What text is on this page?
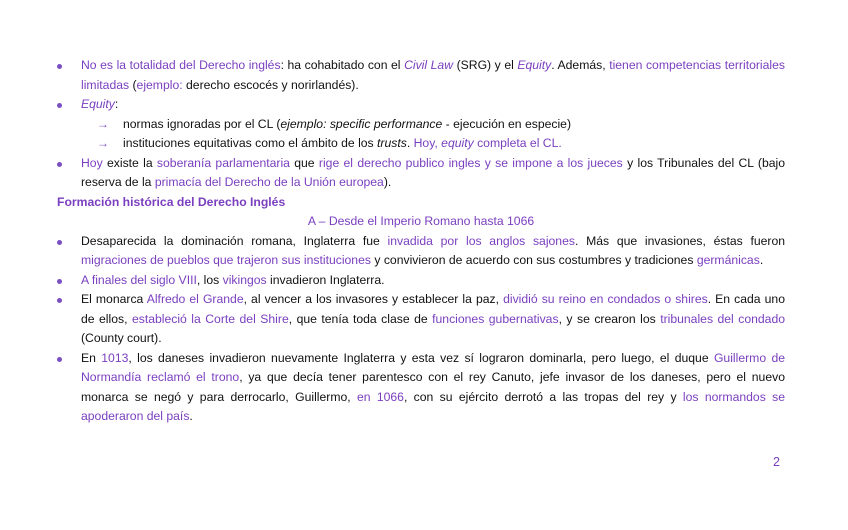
No es la totalidad del Derecho inglés: ha cohabitado con el Civil Law (SRG) y el Equity. Además, tienen competencias territoriales limitadas (ejemplo: derecho escocés y norirlandés).
Equity:
→ normas ignoradas por el CL (ejemplo: specific performance - ejecución en especie)
→ instituciones equitativas como el ámbito de los trusts. Hoy, equity completa el CL.
Hoy existe la soberanía parlamentaria que rige el derecho publico ingles y se impone a los jueces y los Tribunales del CL (bajo reserva de la primacía del Derecho de la Unión europea).
Formación histórica del Derecho Inglés
A – Desde el Imperio Romano hasta 1066
Desaparecida la dominación romana, Inglaterra fue invadida por los anglos sajones. Más que invasiones, éstas fueron migraciones de pueblos que trajeron sus instituciones y convivieron de acuerdo con sus costumbres y tradiciones germánicas.
A finales del siglo VIII, los vikingos invadieron Inglaterra.
El monarca Alfredo el Grande, al vencer a los invasores y establecer la paz, dividió su reino en condados o shires. En cada uno de ellos, estableció la Corte del Shire, que tenía toda clase de funciones gubernativas, y se crearon los tribunales del condado (County court).
En 1013, los daneses invadieron nuevamente Inglaterra y esta vez sí lograron dominarla, pero luego, el duque Guillermo de Normandía reclamó el trono, ya que decía tener parentesco con el rey Canuto, jefe invasor de los daneses, pero el nuevo monarca se negó y para derrocarlo, Guillermo, en 1066, con su ejército derrotó a las tropas del rey y los normandos se apoderaron del país.
2
